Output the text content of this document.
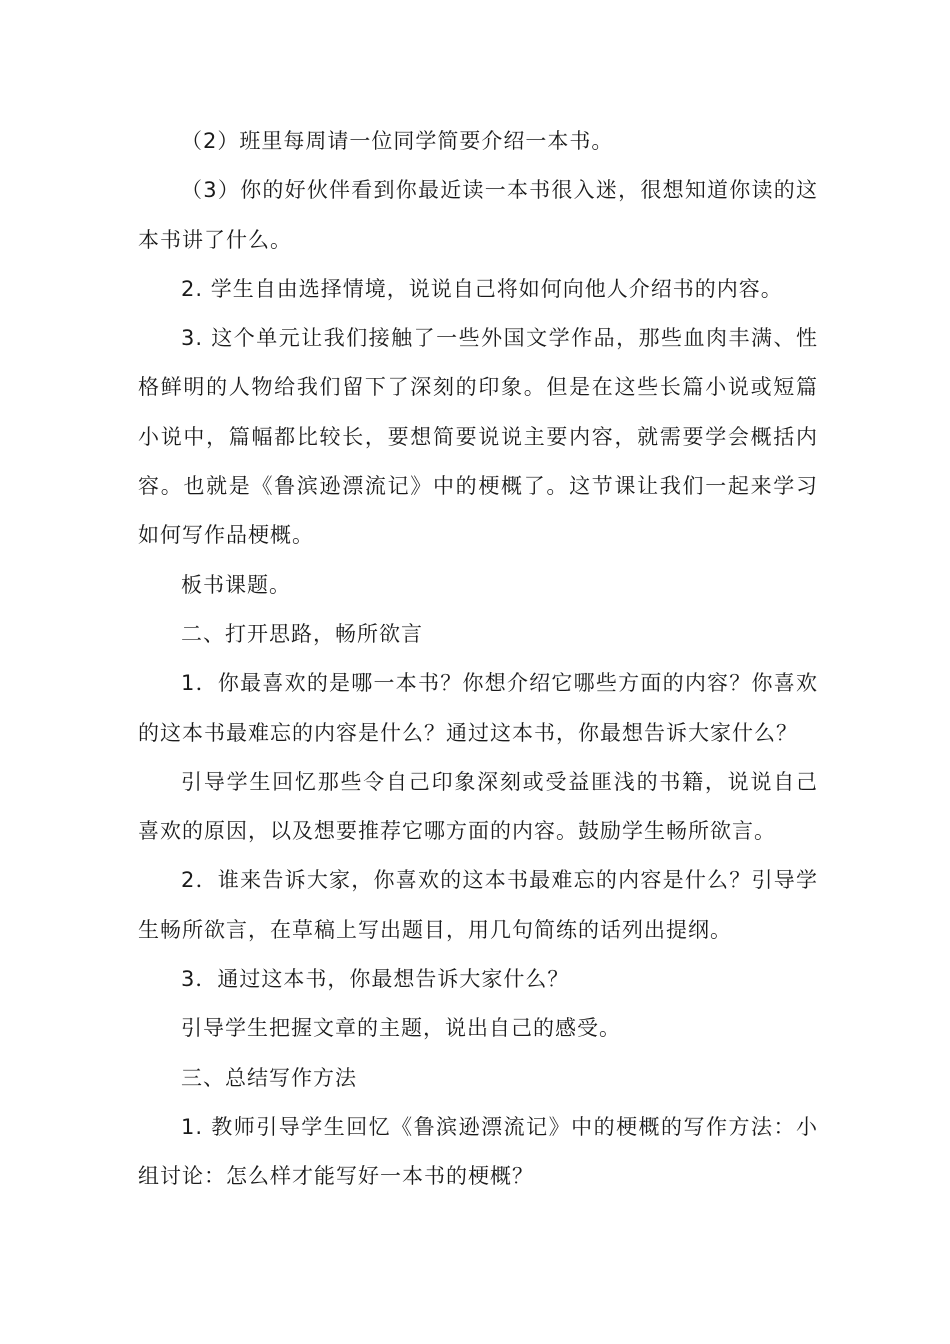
（2）班里每周请一位同学简要介绍一本书。

（3）你的好伙伴看到你最近读一本书很入迷，很想知道你读的这本书讲了什么。

2. 学生自由选择情境，说说自己将如何向他人介绍书的内容。

3. 这个单元让我们接触了一些外国文学作品，那些血肉丰满、性格鲜明的人物给我们留下了深刻的印象。但是在这些长篇小说或短篇小说中，篇幅都比较长，要想简要说说主要内容，就需要学会概括内容。也就是《鲁滨逊漂流记》中的梗概了。这节课让我们一起来学习如何写作品梗概。

板书课题。

二、打开思路，畅所欲言

1．你最喜欢的是哪一本书？你想介绍它哪些方面的内容？你喜欢的这本书最难忘的内容是什么？通过这本书，你最想告诉大家什么？

引导学生回忆那些令自己印象深刻或受益匪浅的书籍，说说自己喜欢的原因，以及想要推荐它哪方面的内容。鼓励学生畅所欲言。

2．谁来告诉大家，你喜欢的这本书最难忘的内容是什么？引导学生畅所欲言，在草稿上写出题目，用几句简练的话列出提纲。

3．通过这本书，你最想告诉大家什么？

引导学生把握文章的主题，说出自己的感受。

三、总结写作方法

1. 教师引导学生回忆《鲁滨逊漂流记》中的梗概的写作方法：小组讨论：怎么样才能写好一本书的梗概？
